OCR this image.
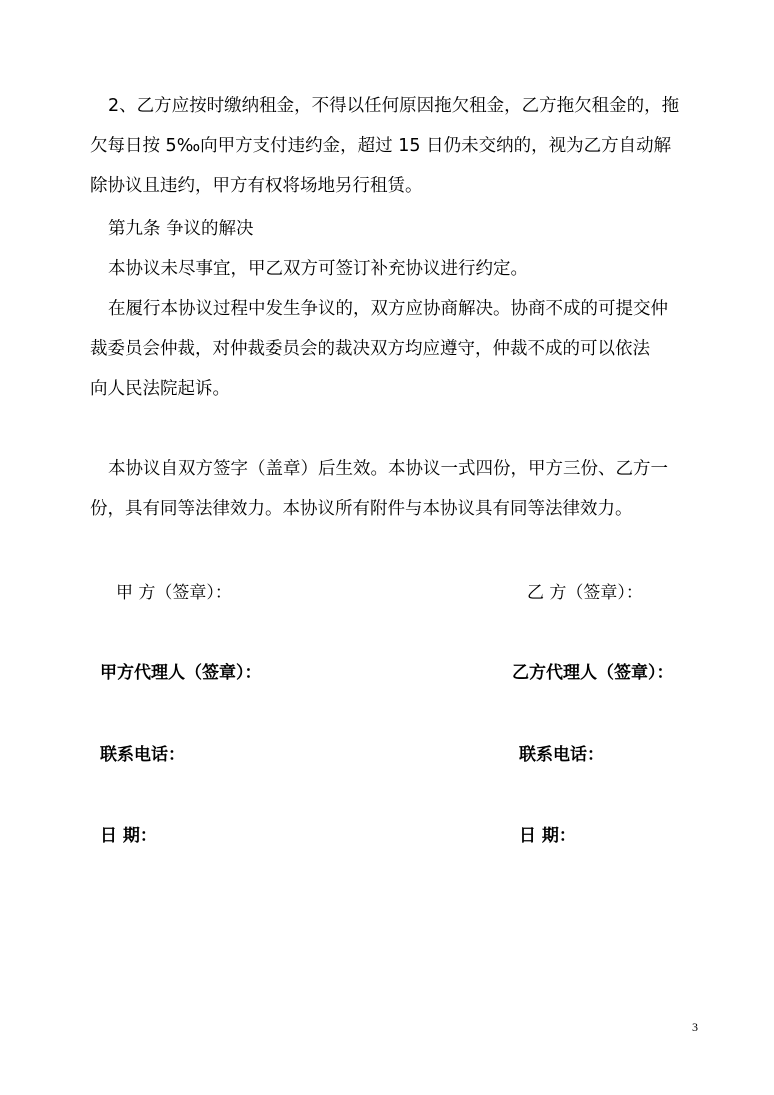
2、乙方应按时缴纳租金，不得以任何原因拖欠租金，乙方拖欠租金的，拖
欠每日按 5‰向甲方支付违约金，超过 15 日仍未交纳的，视为乙方自动解
除协议且违约，甲方有权将场地另行租赁。
第九条 争议的解决
本协议未尽事宜，甲乙双方可签订补充协议进行约定。
在履行本协议过程中发生争议的，双方应协商解决。协商不成的可提交仲
裁委员会仲裁，对仲裁委员会的裁决双方均应遵守，仲裁不成的可以依法
向人民法院起诉。
本协议自双方签字（盖章）后生效。本协议一式四份，甲方三份、乙方一
份，具有同等法律效力。本协议所有附件与本协议具有同等法律效力。
甲 方（签章）：	乙 方（签章）：
甲方代理人（签章）：	乙方代理人（签章）：
联系电话：	联系电话：
日 期：	日 期：
3
